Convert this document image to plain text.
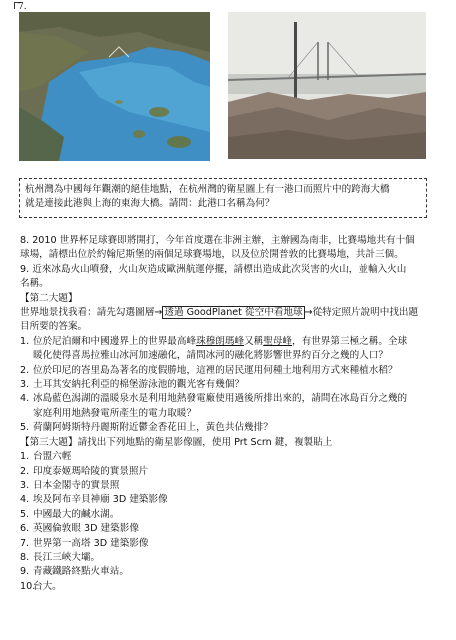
7.

杭州灣為中國每年觀潮的絕佳地點，在杭州灣的衛星圖上有一港口而照片中的跨海大橋

就是連接此港與上海的東海大橋。請問：此港口名稱為何？

8. 2010 世界杯足球賽即將開打，今年首度選在非洲主辦，主辦國為南非，比賽場地共有十個

球場，請標出位於約翰尼斯堡的兩個足球賽場地，以及位於開普敦的比賽場地，共計三個。

9. 近來冰島火山噴發，火山灰造成歐洲航運停擺，請標出造成此次災害的火山，並輸入火山

名稱。

【第二大題】

世界地景找我看：請先勾選圖層→ 透過 GoodPlanet 從空中看地球 →從特定照片說明中找出題

目所要的答案。

1. 位於尼泊爾和中國邊界上的世界最高峰珠穆朗瑪峰又稱聖母峰，有世界第三極之稱。全球
暖化使得喜馬拉雅山冰河加速融化，請問冰河的融化將影響世界約百分之幾的人口？
2. 位於印尼的峇里島為著名的度假勝地，這裡的居民運用何種土地利用方式來種植水稻？
3. 土耳其安納托利亞的棉堡游泳池的觀光客有幾個？
4. 冰島藍色潟湖的溫暖泉水是利用地熱發電廠使用過後所排出來的，請問在冰島百分之幾的
家庭利用地熱發電所產生的電力取暖？
5. 荷蘭阿姆斯特丹麗斯附近鬱金香花田上，黃色共佔幾排？

【第三大題】請找出下列地點的衛星影像圖，使用 Prt Scrn 鍵，複製貼上

1. 台盟六輕
2. 印度泰姬瑪哈陵的實景照片
3. 日本金閣寺的實景照
4. 埃及阿布辛貝神廟 3D 建築影像
5. 中國最大的鹹水湖。
6. 英國倫敦眼 3D 建築影像
7. 世界第一高塔 3D 建築影像
8. 長江三峽大壩。
9. 青藏鐵路終點火車站。
10.
台大。
